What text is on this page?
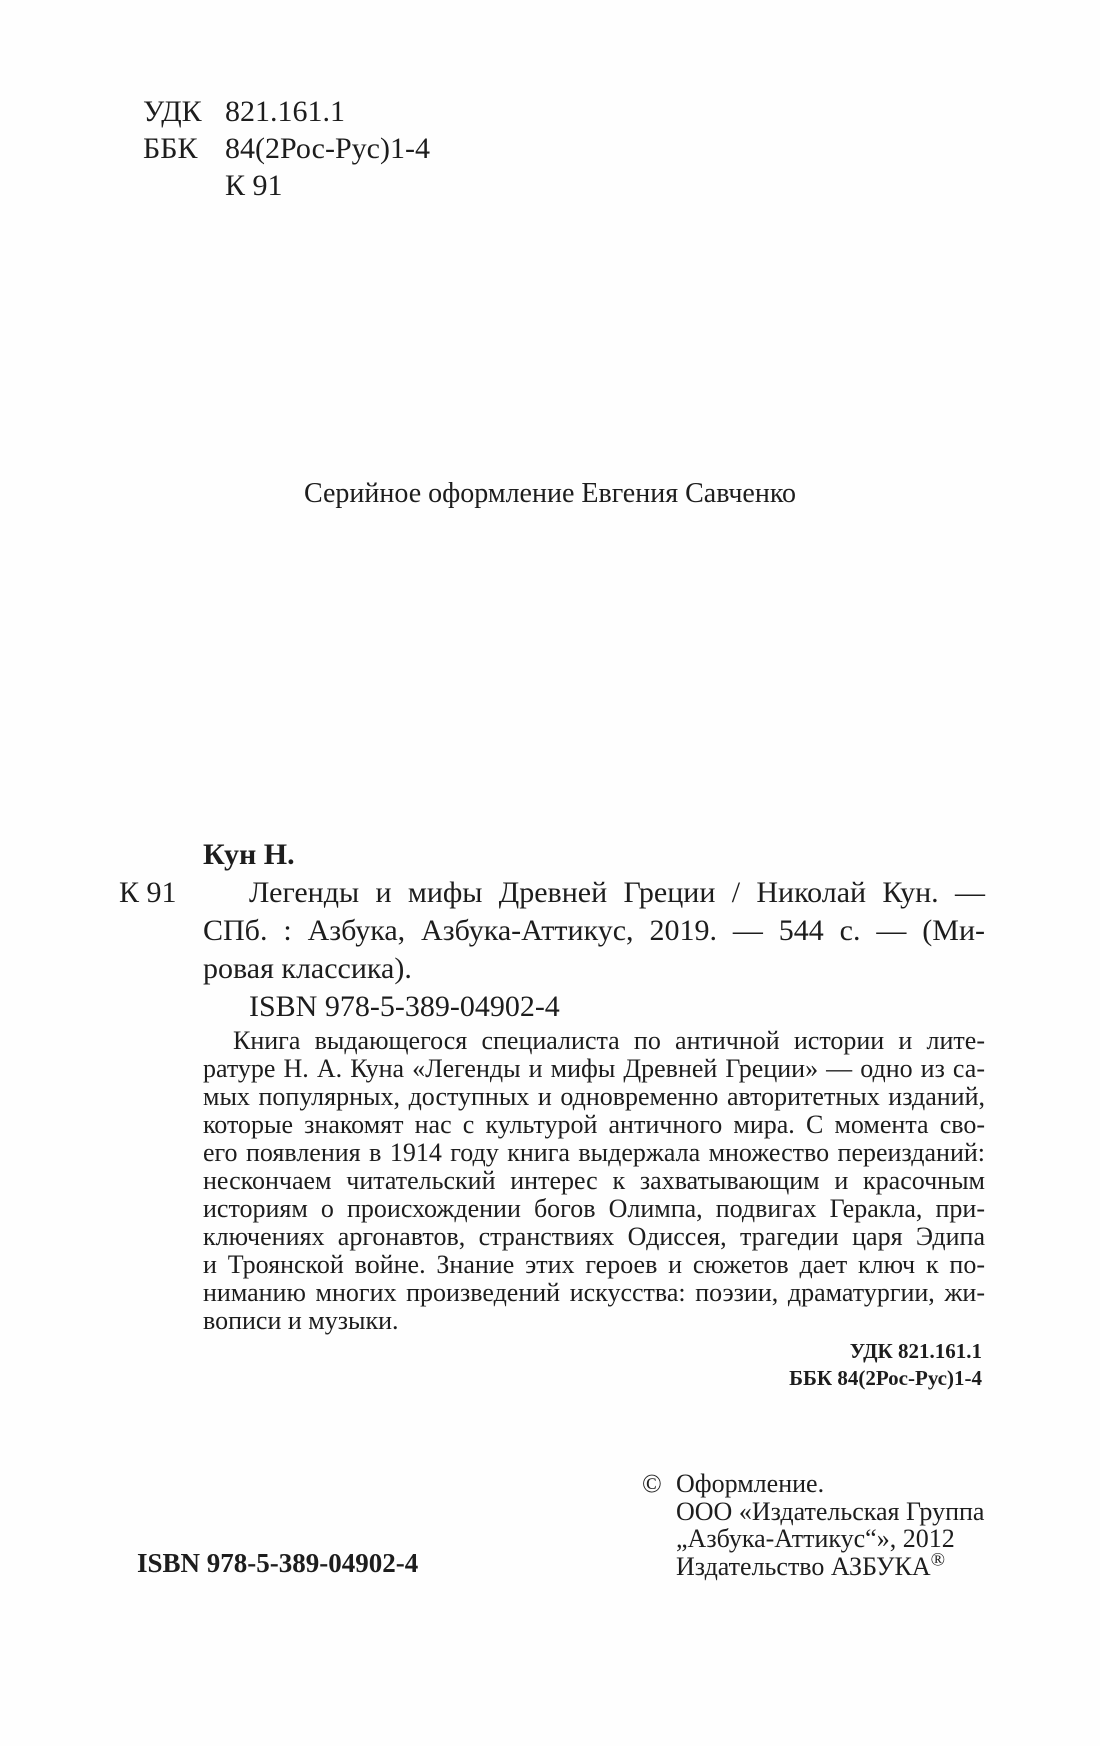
УДК 821.161.1
ББК 84(2Рос-Рус)1-4
К 91
Серийное оформление Евгения Савченко
Кун Н.
К 91	Легенды и мифы Древней Греции / Николай Кун. —
СПб. : Азбука, Азбука-Аттикус, 2019. — 544 с. — (Ми-
ровая классика).
ISBN 978-5-389-04902-4
Книга выдающегося специалиста по античной истории и лите-
ратуре Н. А. Куна «Легенды и мифы Древней Греции» — одно из са-
мых популярных, доступных и одновременно авторитетных изданий,
которые знакомят нас с культурой античного мира. С момента сво-
его появления в 1914 году книга выдержала множество переизданий:
нескончаем читательский интерес к захватывающим и красочным
историям о происхождении богов Олимпа, подвигах Геракла, при-
ключениях аргонавтов, странствиях Одиссея, трагедии царя Эдипа
и Троянской войне. Знание этих героев и сюжетов дает ключ к по-
ниманию многих произведений искусства: поэзии, драматургии, жи-
вописи и музыки.
УДК 821.161.1
ББК 84(2Рос-Рус)1-4
ISBN 978-5-389-04902-4
© Оформление.
ООО «Издательская Группа
„Азбука-Аттикус“», 2012
Издательство АЗБУКА®
